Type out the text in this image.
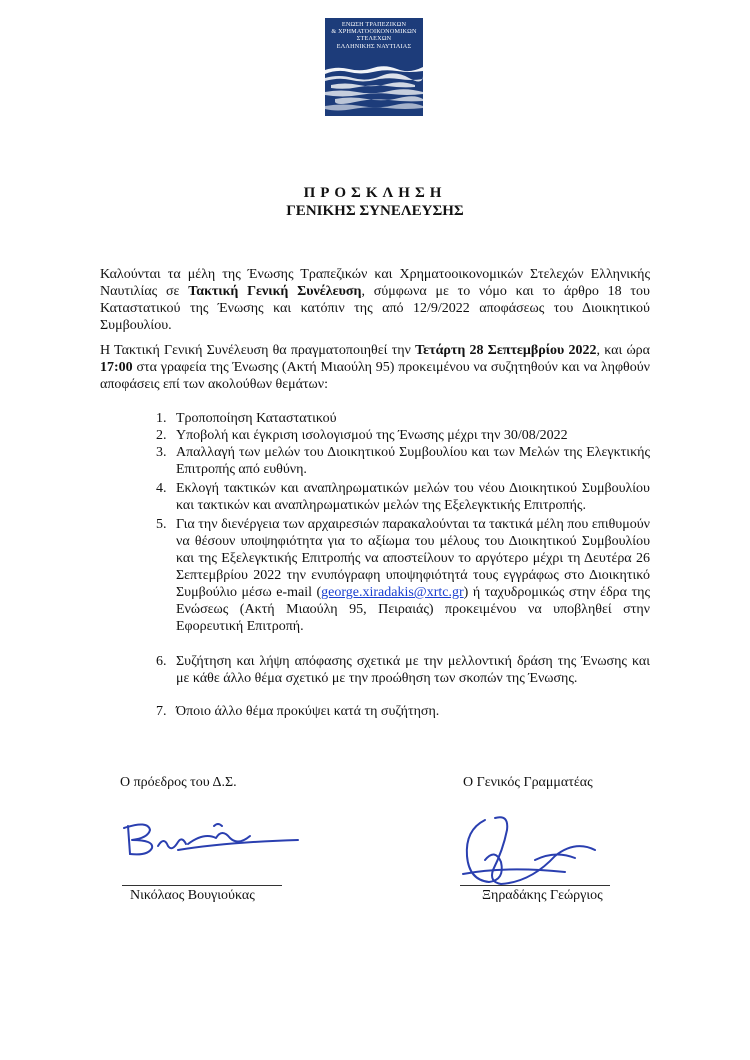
ΕΝΩΣΗ ΤΡΑΠΕΖΙΚΩΝ
& ΧΡΗΜΑΤΟΟΙΚΟΝΟΜΙΚΩΝ
ΣΤΕΛΕΧΩΝ
ΕΛΛΗΝΙΚΗΣ ΝΑΥΤΙΛΙΑΣ
ΠΡΟΣΚΛΗΣΗ
ΓΕΝΙΚΗΣ ΣΥΝΕΛΕΥΣΗΣ
Καλούνται τα μέλη της Ένωσης Τραπεζικών και Χρηματοοικονομικών Στελεχών Ελληνικής Ναυτιλίας σε Τακτική Γενική Συνέλευση, σύμφωνα με το νόμο και το άρθρο 18 του Καταστατικού της Ένωσης και κατόπιν της από 12/9/2022 αποφάσεως του Διοικητικού Συμβουλίου.
Η Τακτική Γενική Συνέλευση θα πραγματοποιηθεί την Τετάρτη 28 Σεπτεμβρίου 2022, και ώρα 17:00 στα γραφεία της Ένωσης (Ακτή Μιαούλη 95) προκειμένου να συζητηθούν και να ληφθούν αποφάσεις επί των ακολούθων θεμάτων:
1. Τροποποίηση Καταστατικού
2. Υποβολή και έγκριση ισολογισμού της Ένωσης μέχρι την 30/08/2022
3. Απαλλαγή των μελών του Διοικητικού Συμβουλίου και των Μελών της Ελεγκτικής Επιτροπής από ευθύνη.
4. Εκλογή τακτικών και αναπληρωματικών μελών του νέου Διοικητικού Συμβουλίου και τακτικών και αναπληρωματικών μελών της Εξελεγκτικής Επιτροπής.
5. Για την διενέργεια των αρχαιρεσιών παρακαλούνται τα τακτικά μέλη που επιθυμούν να θέσουν υποψηφιότητα για το αξίωμα του μέλους του Διοικητικού Συμβουλίου και της Εξελεγκτικής Επιτροπής να αποστείλουν το αργότερο μέχρι τη Δευτέρα 26 Σεπτεμβρίου 2022 την ενυπόγραφη υποψηφιότητά τους εγγράφως στο Διοικητικό Συμβούλιο μέσω e-mail (george.xiradakis@xrtc.gr) ή ταχυδρομικώς στην έδρα της Ενώσεως (Ακτή Μιαούλη 95, Πειραιάς) προκειμένου να υποβληθεί στην Εφορευτική Επιτροπή.
6. Συζήτηση και λήψη απόφασης σχετικά με την μελλοντική δράση της Ένωσης και με κάθε άλλο θέμα σχετικό με την προώθηση των σκοπών της Ένωσης.
7. Όποιο άλλο θέμα προκύψει κατά τη συζήτηση.
Ο πρόεδρος του Δ.Σ.	Ο Γενικός Γραμματέας
Νικόλαος Βουγιούκας	Ξηραδάκης Γεώργιος
